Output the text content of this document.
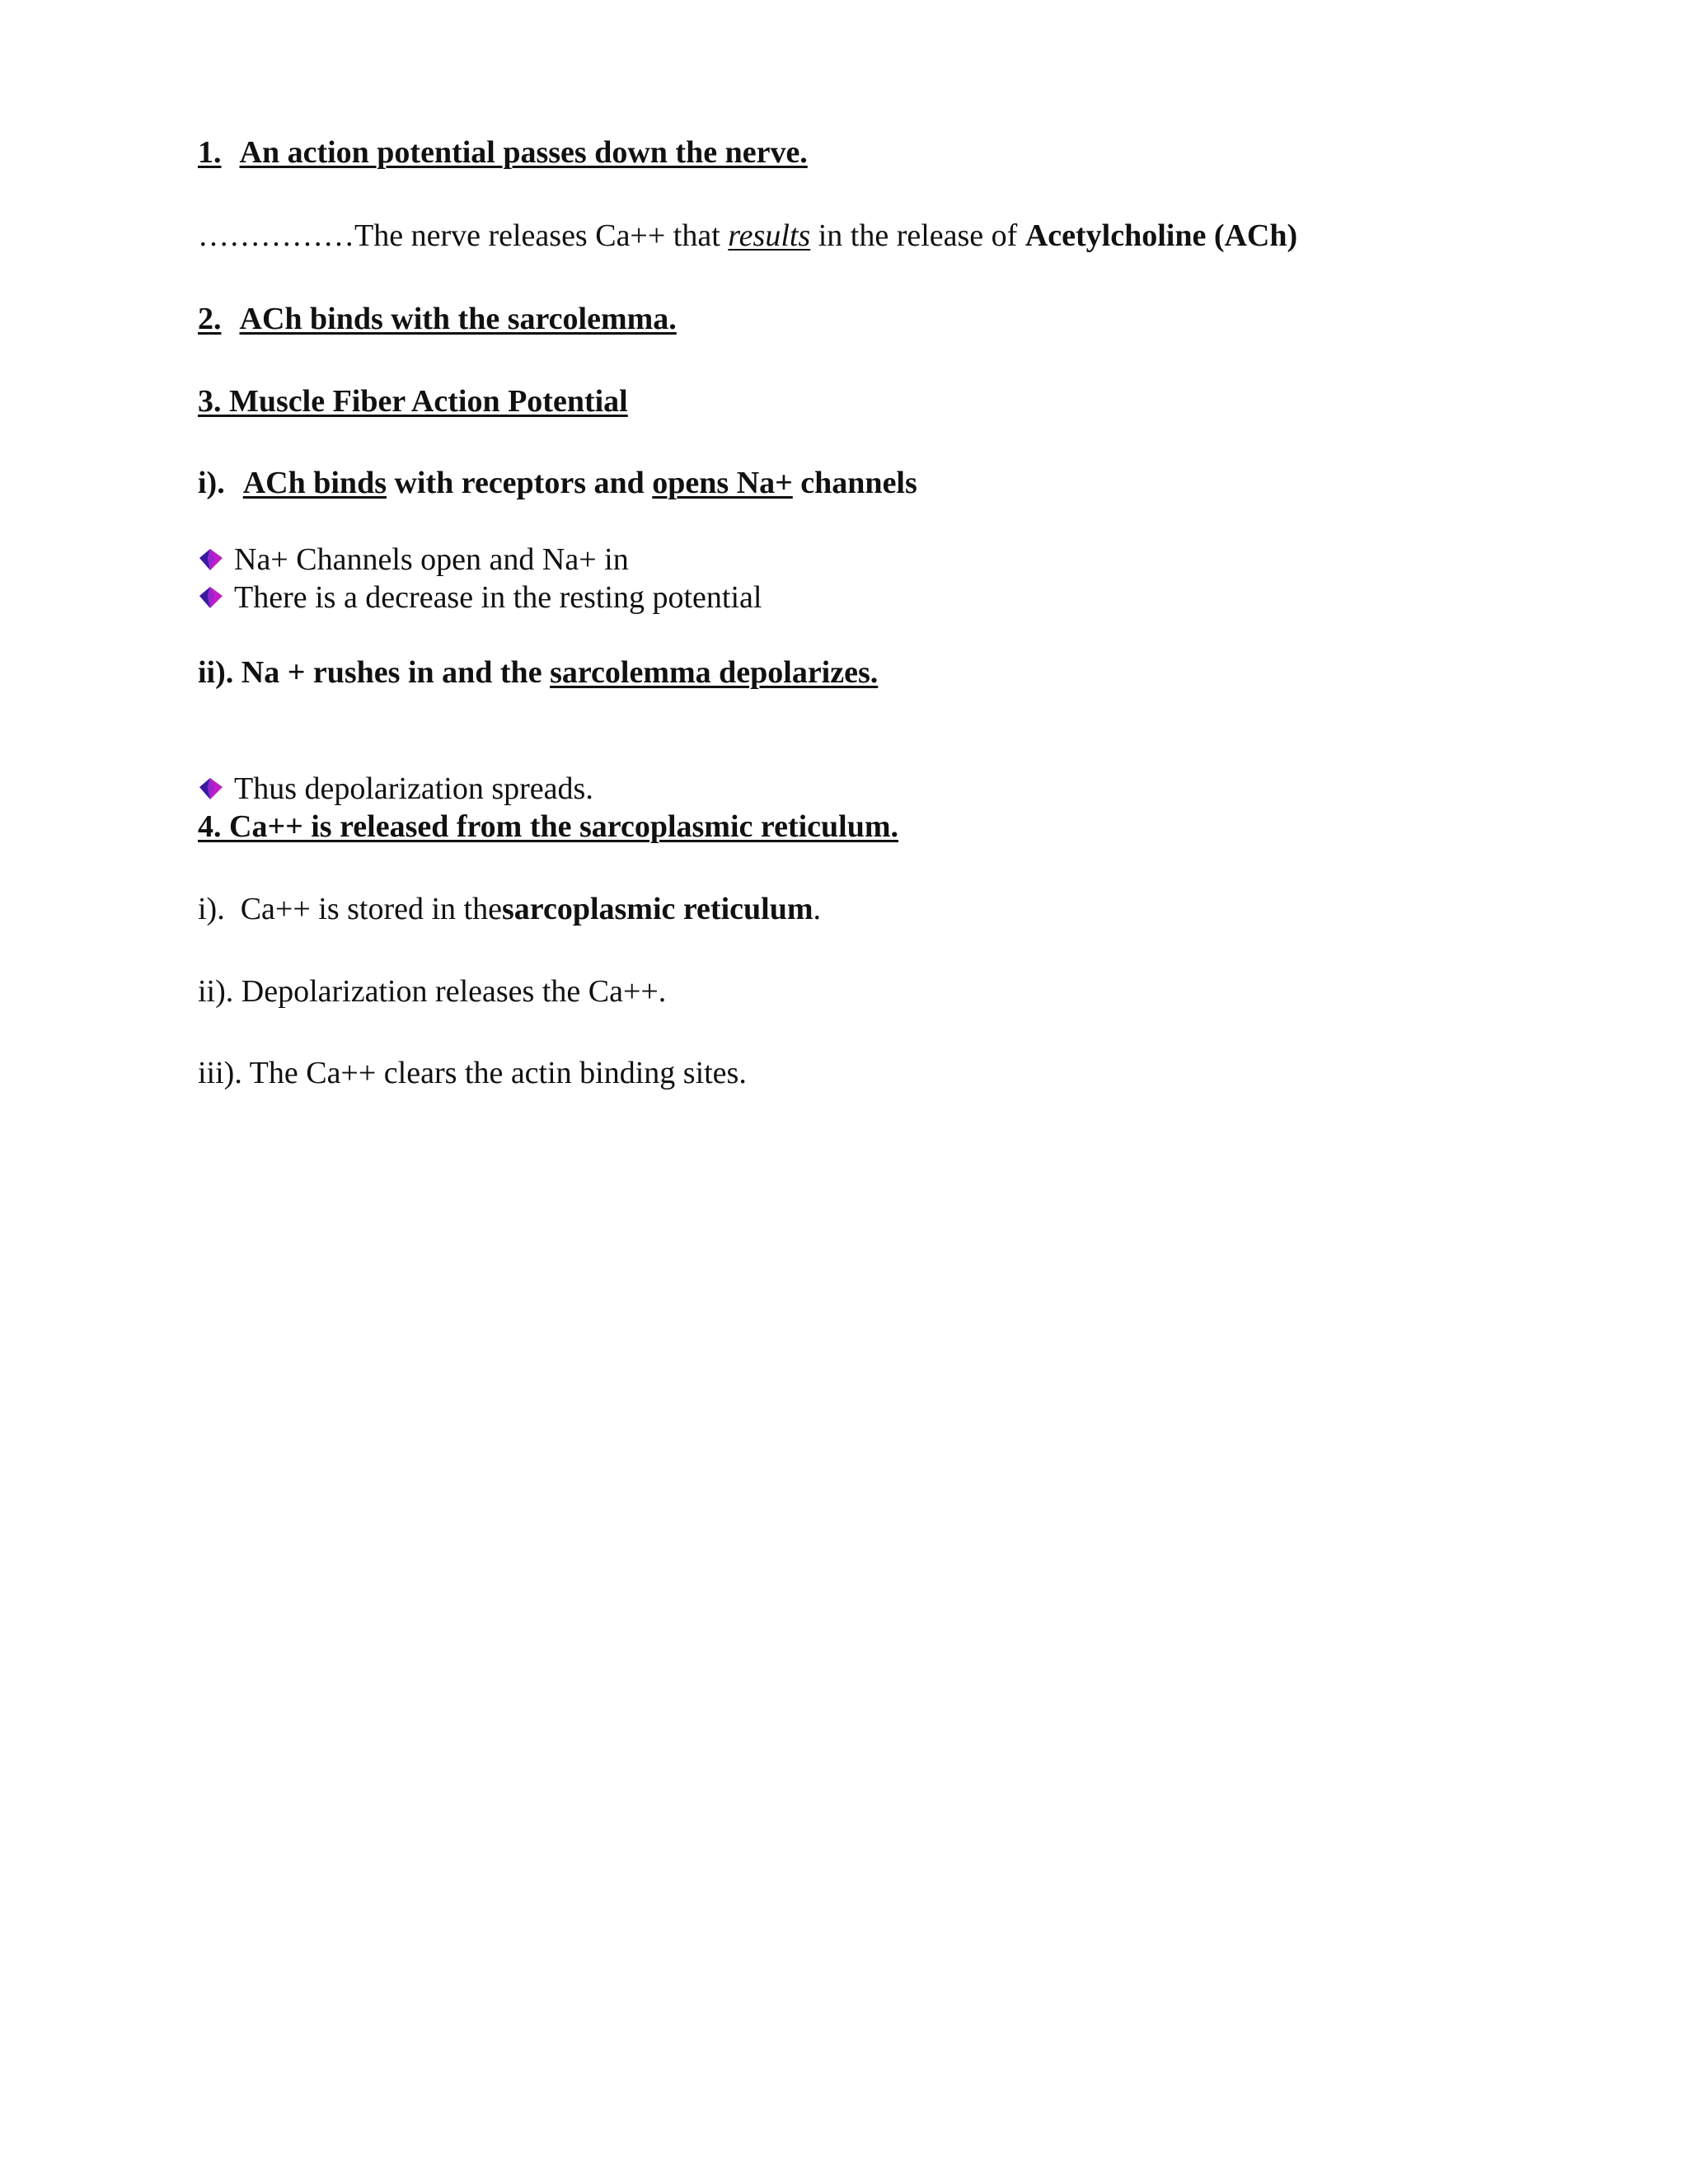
1. An action potential passes down the nerve.
……………The nerve releases Ca++ that results in the release of Acetylcholine (ACh)
2. ACh binds with the sarcolemma.
3. Muscle Fiber Action Potential
i). ACh binds with receptors and opens Na+ channels
Na+ Channels open and Na+ in
There is a decrease in the resting potential
ii). Na + rushes in and the sarcolemma depolarizes.
Thus depolarization spreads.
4. Ca++ is released from the sarcoplasmic reticulum.
i).  Ca++ is stored in thesarcoplasmic reticulum.
ii). Depolarization releases the Ca++.
iii). The Ca++ clears the actin binding sites.
